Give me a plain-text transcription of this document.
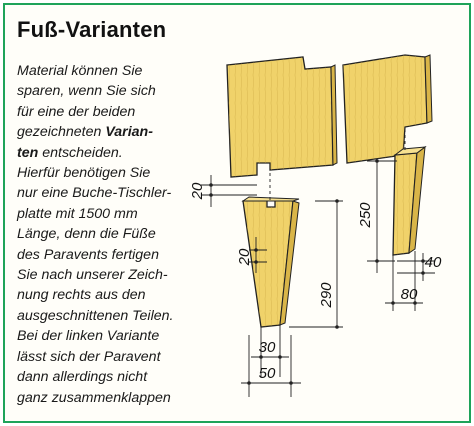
Fuß-Varianten
Material können Sie
sparen, wenn Sie sich
für eine der beiden
gezeichneten Varian-
ten entscheiden.
Hierfür benötigen Sie
nur eine Buche-Tischler-
platte mit 1500 mm
Länge, denn die Füße
des Paravents fertigen
Sie nach unserer Zeich-
nung rechts aus den
ausgeschnittenen Teilen.
Bei der linken Variante
lässt sich der Paravent
dann allerdings nicht
ganz zusammenklappen
20
20
290
30
50
250
40
80
